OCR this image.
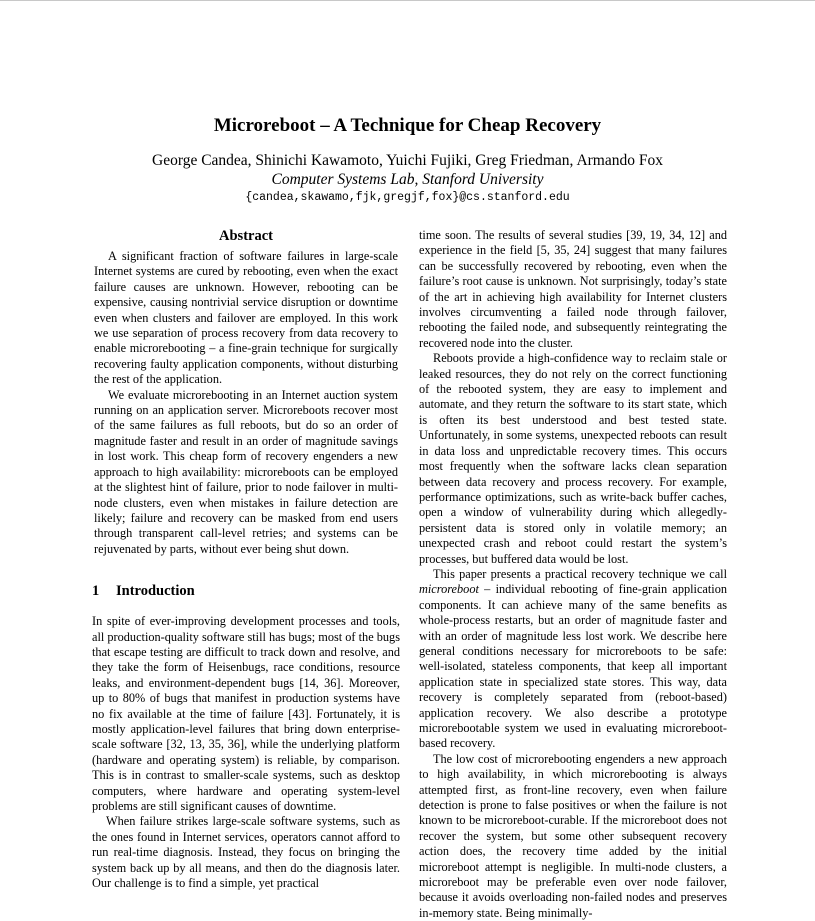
Microreboot – A Technique for Cheap Recovery
George Candea, Shinichi Kawamoto, Yuichi Fujiki, Greg Friedman, Armando Fox
Computer Systems Lab, Stanford University
{candea,skawamo,fjk,gregjf,fox}@cs.stanford.edu
Abstract

A significant fraction of software failures in large-scale Internet systems are cured by rebooting, even when the exact failure causes are unknown. However, rebooting can be expensive, causing nontrivial service disruption or downtime even when clusters and failover are employed. In this work we use separation of process recovery from data recovery to enable microrebooting – a fine-grain technique for surgically recovering faulty application components, without disturbing the rest of the application.

We evaluate microrebooting in an Internet auction system running on an application server. Microreboots recover most of the same failures as full reboots, but do so an order of magnitude faster and result in an order of magnitude savings in lost work. This cheap form of recovery engenders a new approach to high availability: microreboots can be employed at the slightest hint of failure, prior to node failover in multi-node clusters, even when mistakes in failure detection are likely; failure and recovery can be masked from end users through transparent call-level retries; and systems can be rejuvenated by parts, without ever being shut down.

1 Introduction

In spite of ever-improving development processes and tools, all production-quality software still has bugs; most of the bugs that escape testing are difficult to track down and resolve, and they take the form of Heisenbugs, race conditions, resource leaks, and environment-dependent bugs [14, 36]. Moreover, up to 80% of bugs that manifest in production systems have no fix available at the time of failure [43]. Fortunately, it is mostly application-level failures that bring down enterprise-scale software [32, 13, 35, 36], while the underlying platform (hardware and operating system) is reliable, by comparison. This is in contrast to smaller-scale systems, such as desktop computers, where hardware and operating system-level problems are still significant causes of downtime.

When failure strikes large-scale software systems, such as the ones found in Internet services, operators cannot afford to run real-time diagnosis. Instead, they focus on bringing the system back up by all means, and then do the diagnosis later. Our challenge is to find a simple, yet practical

time soon. The results of several studies [39, 19, 34, 12] and experience in the field [5, 35, 24] suggest that many failures can be successfully recovered by rebooting, even when the failure’s root cause is unknown. Not surprisingly, today’s state of the art in achieving high availability for Internet clusters involves circumventing a failed node through failover, rebooting the failed node, and subsequently reintegrating the recovered node into the cluster.

Reboots provide a high-confidence way to reclaim stale or leaked resources, they do not rely on the correct functioning of the rebooted system, they are easy to implement and automate, and they return the software to its start state, which is often its best understood and best tested state. Unfortunately, in some systems, unexpected reboots can result in data loss and unpredictable recovery times. This occurs most frequently when the software lacks clean separation between data recovery and process recovery. For example, performance optimizations, such as write-back buffer caches, open a window of vulnerability during which allegedly-persistent data is stored only in volatile memory; an unexpected crash and reboot could restart the system’s processes, but buffered data would be lost.

This paper presents a practical recovery technique we call microreboot – individual rebooting of fine-grain application components. It can achieve many of the same benefits as whole-process restarts, but an order of magnitude faster and with an order of magnitude less lost work. We describe here general conditions necessary for microreboots to be safe: well-isolated, stateless components, that keep all important application state in specialized state stores. This way, data recovery is completely separated from (reboot-based) application recovery. We also describe a prototype microrebootable system we used in evaluating microreboot-based recovery.

The low cost of microrebooting engenders a new approach to high availability, in which microrebooting is always attempted first, as front-line recovery, even when failure detection is prone to false positives or when the failure is not known to be microreboot-curable. If the microreboot does not recover the system, but some other subsequent recovery action does, the recovery time added by the initial microreboot attempt is negligible. In multi-node clusters, a microreboot may be preferable even over node failover, because it avoids overloading non-failed nodes and preserves in-memory state. Being minimally-
